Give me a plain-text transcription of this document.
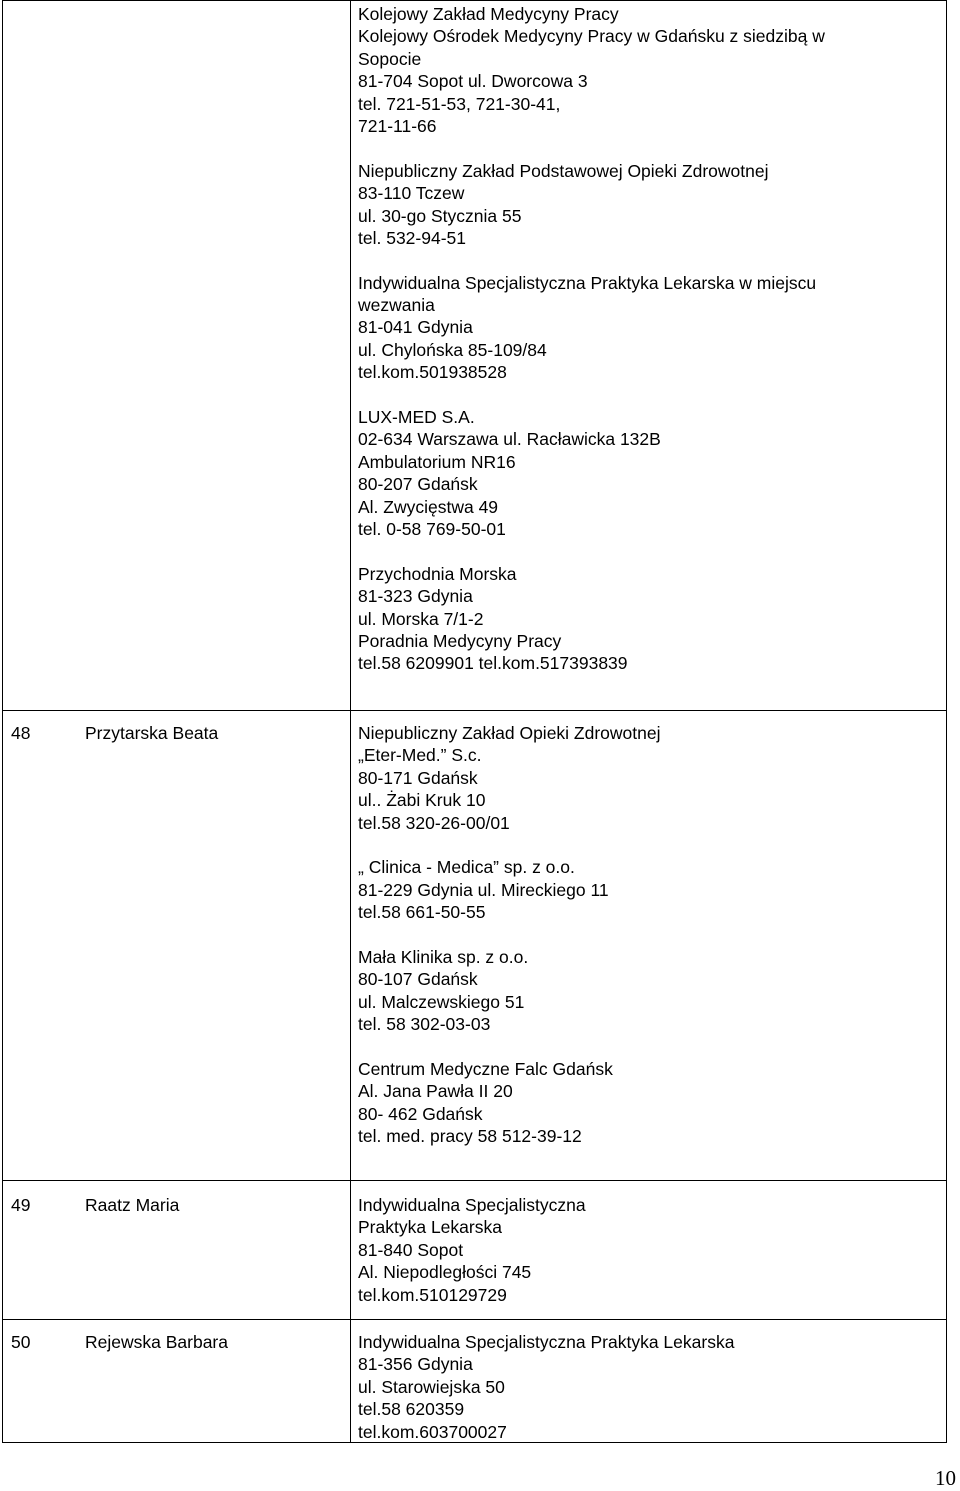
Kolejowy Zakład Medycyny Pracy
Kolejowy Ośrodek Medycyny Pracy w Gdańsku z siedzibą w
Sopocie
81-704 Sopot ul. Dworcowa 3
tel. 721-51-53, 721-30-41,
721-11-66
Niepubliczny Zakład Podstawowej Opieki Zdrowotnej
83-110 Tczew
ul. 30-go Stycznia 55
tel. 532-94-51
Indywidualna Specjalistyczna Praktyka Lekarska w miejscu
wezwania
81-041 Gdynia
ul. Chylońska 85-109/84
tel.kom.501938528
LUX-MED S.A.
02-634 Warszawa ul. Racławicka 132B
Ambulatorium NR16
80-207 Gdańsk
Al. Zwycięstwa 49
tel. 0-58 769-50-01
Przychodnia Morska
81-323 Gdynia
ul. Morska 7/1-2
Poradnia Medycyny Pracy
tel.58 6209901 tel.kom.517393839
48	Przytarska Beata	Niepubliczny Zakład Opieki Zdrowotnej
„Eter-Med.” S.c.
80-171 Gdańsk
ul.. Żabi Kruk 10
tel.58 320-26-00/01
„ Clinica - Medica” sp. z o.o.
81-229 Gdynia ul. Mireckiego 11
tel.58 661-50-55
Mała Klinika sp. z o.o.
80-107 Gdańsk
ul. Malczewskiego 51
tel. 58 302-03-03
Centrum Medyczne Falc Gdańsk
Al. Jana Pawła II 20
80- 462 Gdańsk
tel. med. pracy 58 512-39-12
49	Raatz Maria	Indywidualna Specjalistyczna
Praktyka Lekarska
81-840 Sopot
Al. Niepodległości 745
tel.kom.510129729
50	Rejewska Barbara	Indywidualna Specjalistyczna Praktyka Lekarska
81-356 Gdynia
ul. Starowiejska 50
tel.58 620359
tel.kom.603700027
10
